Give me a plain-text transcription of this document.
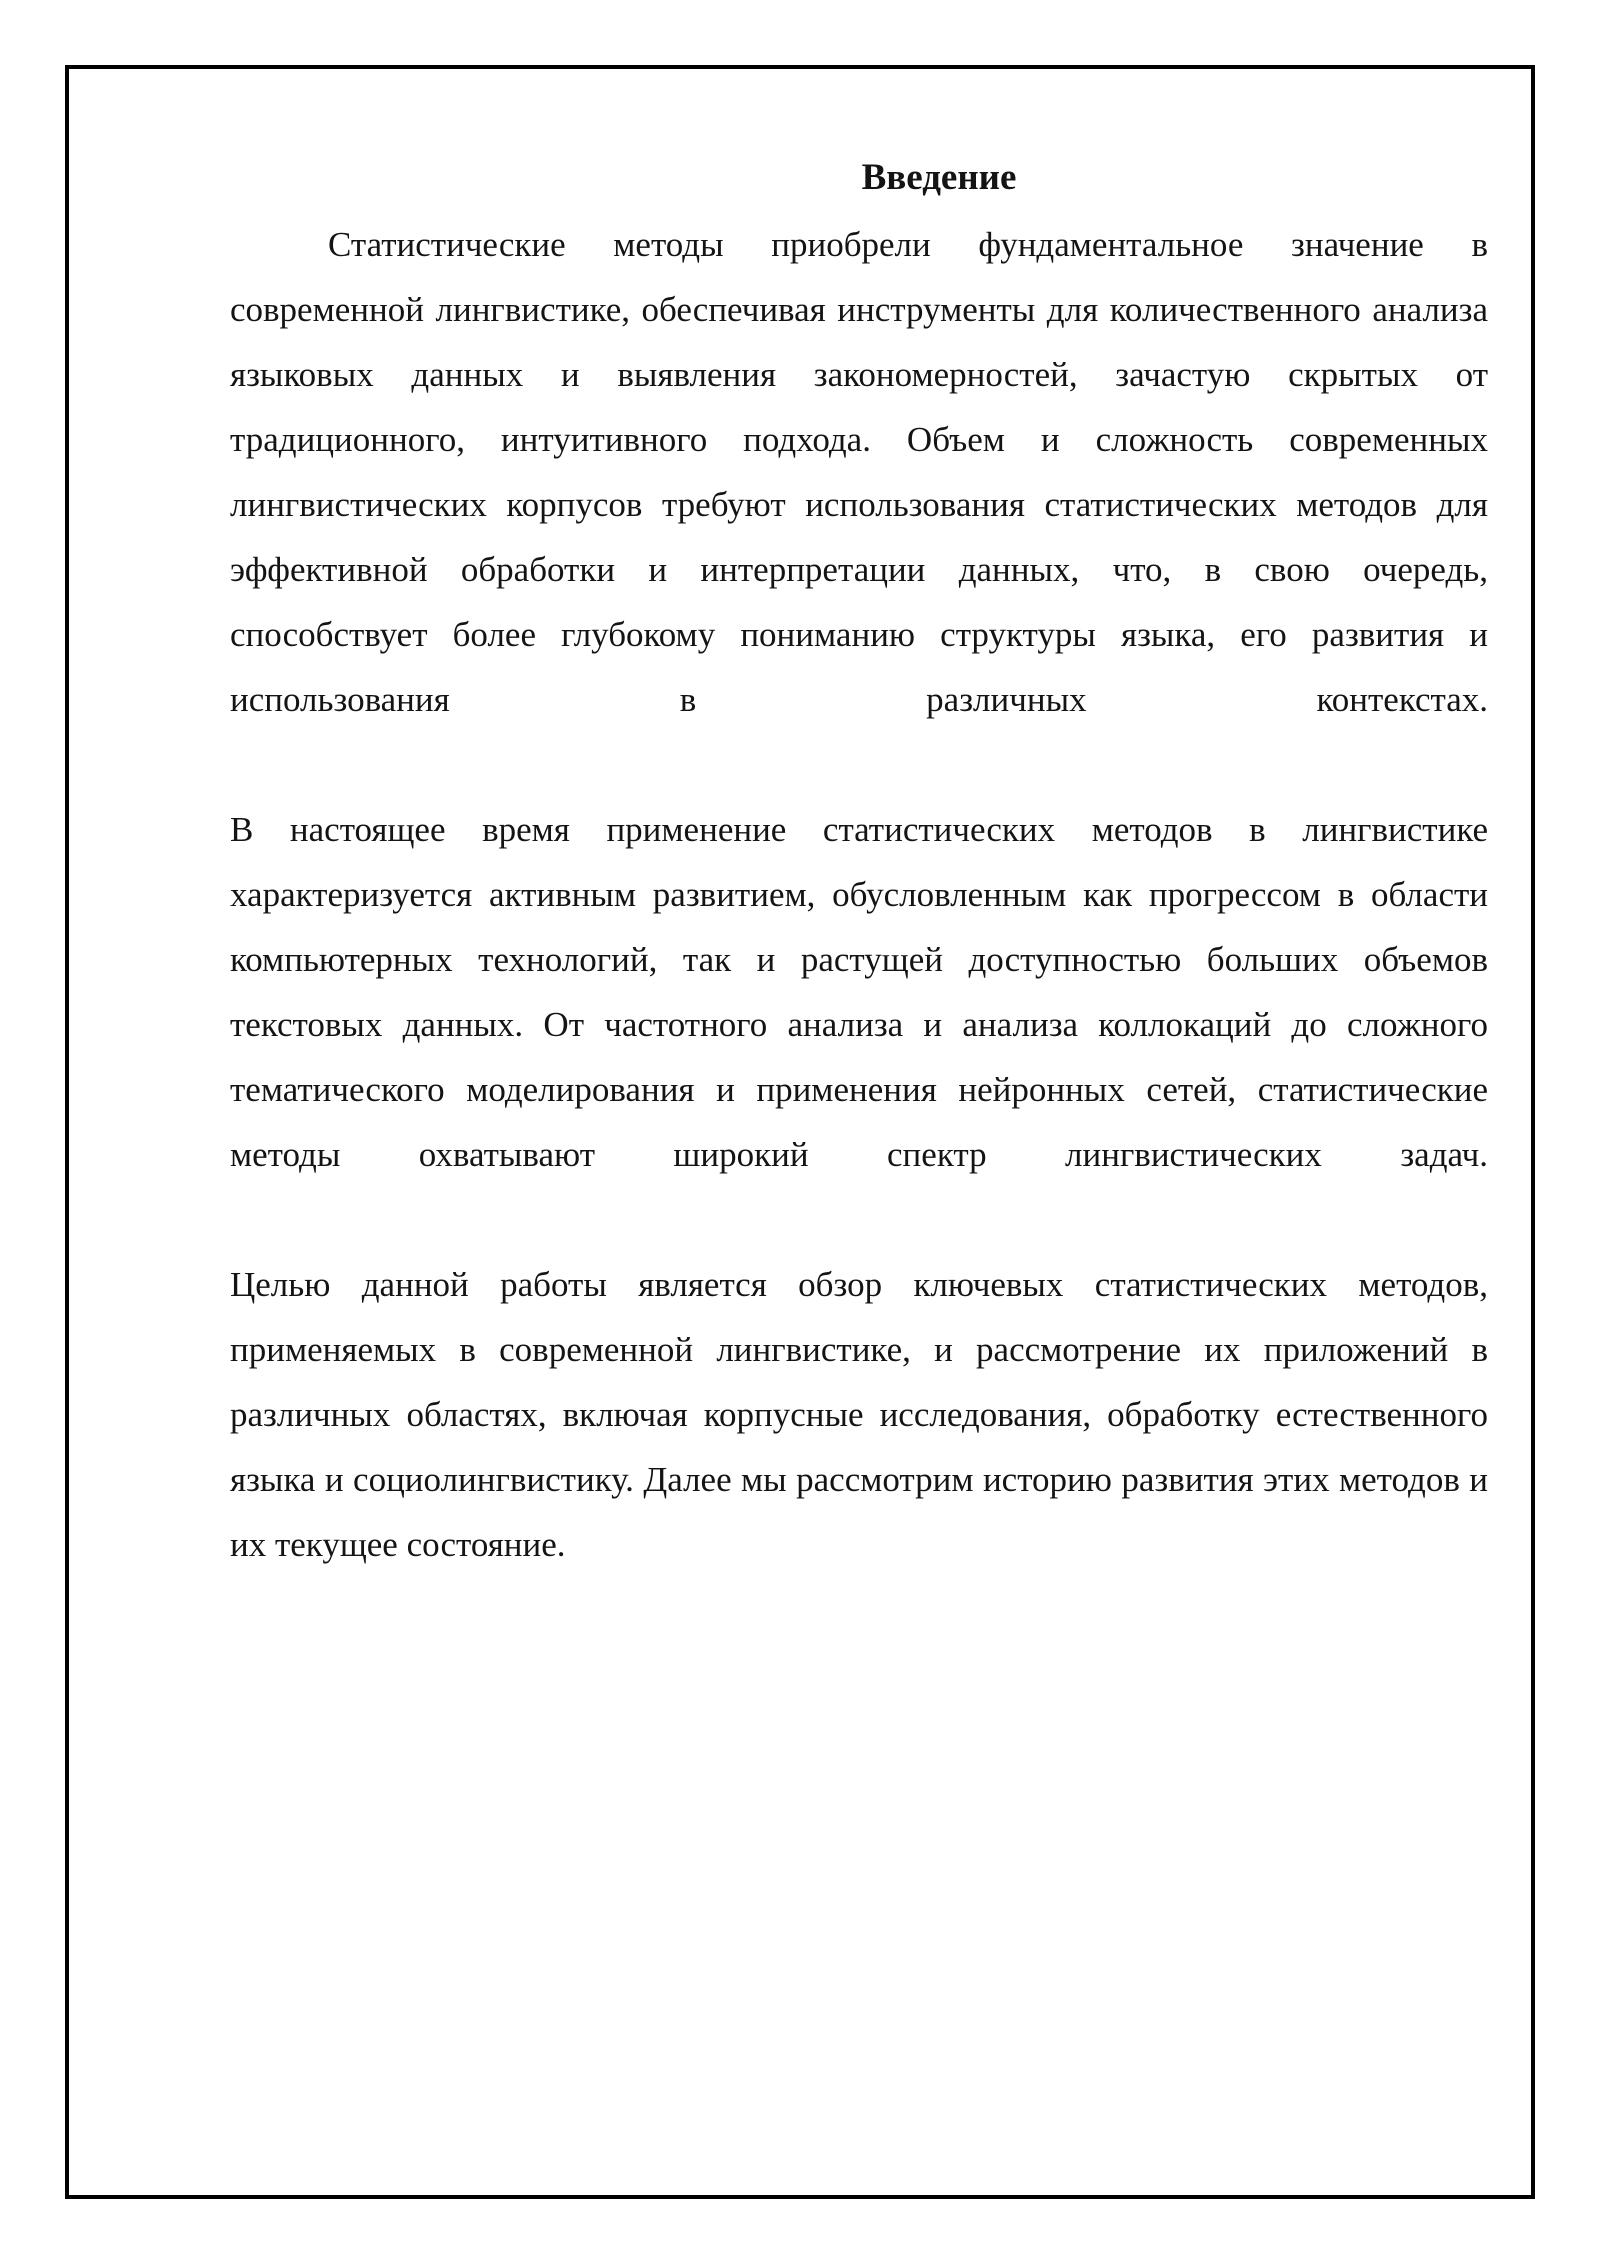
Введение

Статистические методы приобрели фундаментальное значение в современной лингвистике, обеспечивая инструменты для количественного анализа языковых данных и выявления закономерностей, зачастую скрытых от традиционного, интуитивного подхода. Объем и сложность современных лингвистических корпусов требуют использования статистических методов для эффективной обработки и интерпретации данных, что, в свою очередь, способствует более глубокому пониманию структуры языка, его развития и использования в различных контекстах.

В настоящее время применение статистических методов в лингвистике характеризуется активным развитием, обусловленным как прогрессом в области компьютерных технологий, так и растущей доступностью больших объемов текстовых данных. От частотного анализа и анализа коллокаций до сложного тематического моделирования и применения нейронных сетей, статистические методы охватывают широкий спектр лингвистических задач.

Целью данной работы является обзор ключевых статистических методов, применяемых в современной лингвистике, и рассмотрение их приложений в различных областях, включая корпусные исследования, обработку естественного языка и социолингвистику. Далее мы рассмотрим историю развития этих методов и их текущее состояние.
